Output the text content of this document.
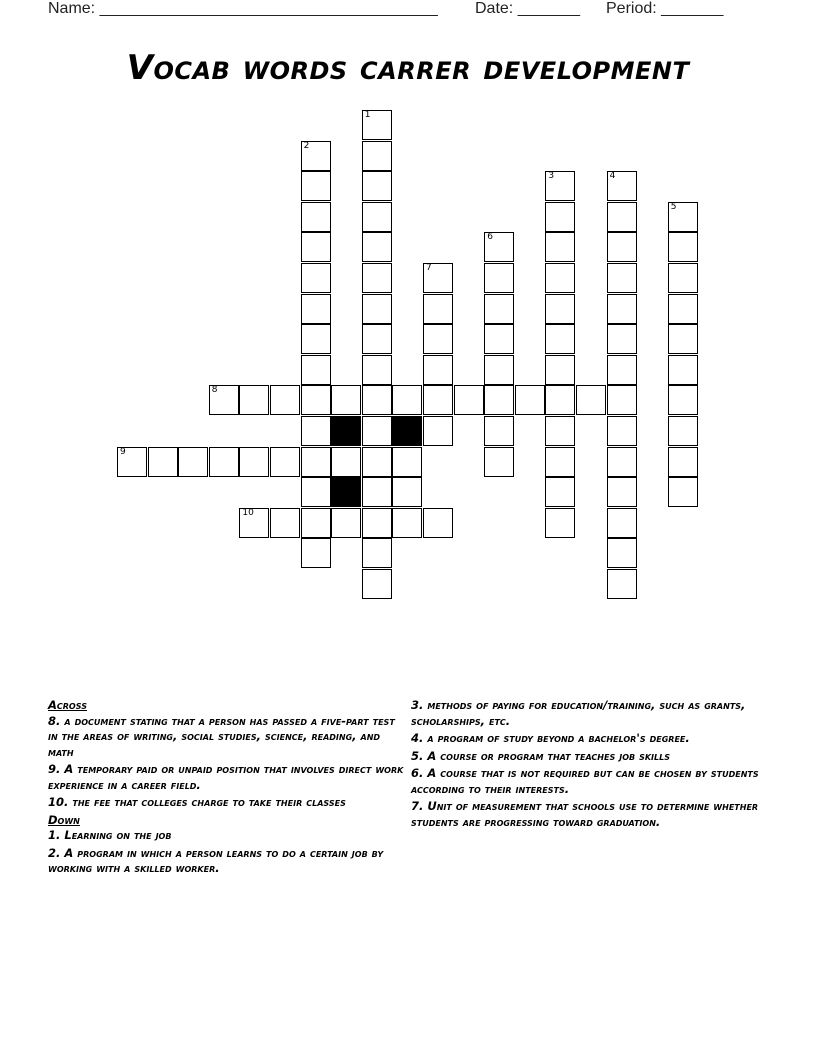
Name: ______________________________________ Date: _______ Period: _______
Vocab words carrer development
1
2
3	4
5
6
7
8
9
10
Across
8. a document stating that a person has passed a five-part test in the areas of writing, social studies, science, reading, and math
9. A temporary paid or unpaid position that involves direct work experience in a career field.
10. the fee that colleges charge to take their classes
Down
1. Learning on the job
2. A program in which a person learns to do a certain job by working with a skilled worker.
3. methods of paying for education/training, such as grants, scholarships, etc.
4. a program of study beyond a bachelor's degree.
5. A course or program that teaches job skills
6. A course that is not required but can be chosen by students according to their interests.
7. Unit of measurement that schools use to determine whether students are progressing toward graduation.
